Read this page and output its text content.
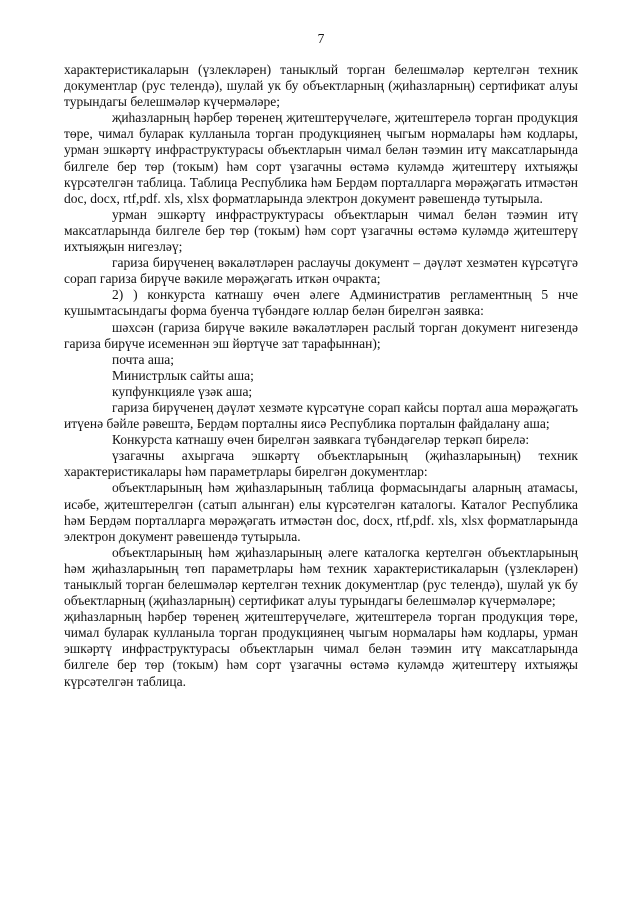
7

характеристикаларын (үзлекләрен) таныклый торган белешмәләр кертелгән техник документлар (рус телендә), шулай ук бу объектларның (җиһазларның) сертификат алуы турындагы белешмәләр күчермәләре;

җиһазларның һәрбер төренең җитештерүчеләге, җитештерелә торган продукция төре, чимал буларак кулланыла торган продукциянең чыгым нормалары һәм кодлары, урман эшкәртү инфраструктурасы объектларын чимал белән тәэмин итү максатларында билгеле бер төр (токым) һәм сорт үзагачны өстәмә куләмдә җитештерү ихтыяҗы күрсәтелгән таблица. Таблица Республика һәм Бердәм порталларга мөрәҗәгать итмәстән doc, docx, rtf,pdf. xls, xlsx форматларында электрон документ рәвешендә тутырыла.

урман эшкәртү инфраструктурасы объектларын чимал белән тәэмин итү максатларында билгеле бер төр (токым) һәм сорт үзагачны өстәмә куләмдә җитештерү ихтыяҗын нигезләү;

гариза бирүченең вәкаләтләрен раслаучы документ – дәүләт хезмәтен күрсәтүгә сорап гариза бирүче вәкиле мөрәҗәгать иткән очракта;

2) ) конкурста катнашу өчен әлеге Административ регламентның 5 нче кушымтасындагы форма буенча түбәндәге юллар белән бирелгән заявка:

шәхсән (гариза бирүче вәкиле вәкаләтләрен раслый торган документ нигезендә гариза бирүче исеменнән эш йөртүче зат тарафыннан);

почта аша;

Министрлык сайты аша;

купфункцияле үзәк аша;

гариза бирүченең дәүләт хезмәте күрсәтүне сорап кайсы портал аша мөрәҗәгать итүенә бәйле рәвештә, Бердәм порталны яисә Республика порталын файдалану аша;

Конкурста катнашу өчен бирелгән заявкага түбәндәгеләр теркәп бирелә:

үзагачны ахыргача эшкәртү объектларының (җиһазларының) техник характеристикалары һәм параметрлары бирелгән документлар:

объектларының һәм җиһазларының таблица формасындагы аларның атамасы, исәбе, җитештерелгән (сатып алынган) елы күрсәтелгән каталогы. Каталог Республика һәм Бердәм порталларга мөрәҗәгать итмәстән doc, docx, rtf,pdf. xls, xlsx форматларында электрон документ рәвешендә тутырыла.

объектларының һәм җиһазларының әлеге каталогка кертелгән объектларының һәм җиһазларының төп параметрлары һәм техник характеристикаларын (үзлекләрен) таныклый торган белешмәләр кертелгән техник документлар (рус телендә), шулай ук бу объектларның (җиһазларның) сертификат алуы турындагы белешмәләр күчермәләре;

җиһазларның һәрбер төренең җитештерүчеләге, җитештерелә торган продукция төре, чимал буларак кулланыла торган продукциянең чыгым нормалары һәм кодлары, урман эшкәртү инфраструктурасы объектларын чимал белән тәэмин итү максатларында билгеле бер төр (токым) һәм сорт үзагачны өстәмә куләмдә җитештерү ихтыяҗы күрсәтелгән таблица.
